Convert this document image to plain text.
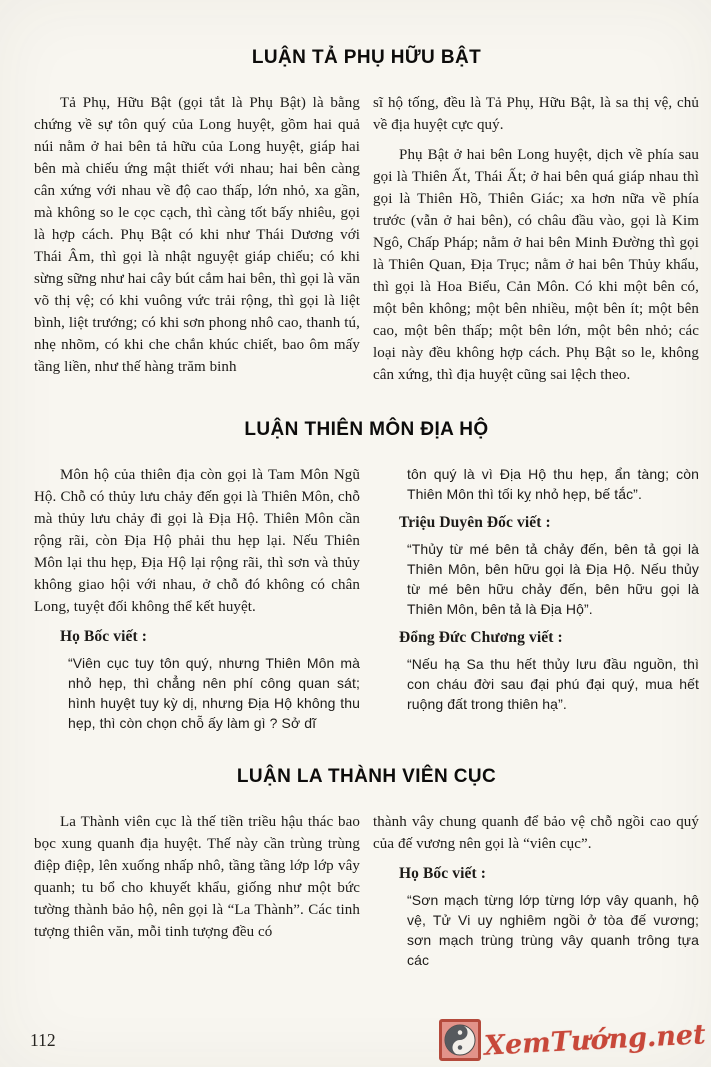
LUẬN TẢ PHỤ HỮU BẬT

Tả Phụ, Hữu Bật (gọi tắt là Phụ Bật) là bằng chứng về sự tôn quý của Long huyệt, gồm hai quả núi nằm ở hai bên tả hữu của Long huyệt, giáp hai bên mà chiếu ứng mật thiết với nhau; hai bên càng cân xứng với nhau về độ cao thấp, lớn nhỏ, xa gần, mà không so le cọc cạch, thì càng tốt bấy nhiêu, gọi là hợp cách. Phụ Bật có khi như Thái Dương với Thái Âm, thì gọi là nhật nguyệt giáp chiếu; có khi sừng sững như hai cây bút cắm hai bên, thì gọi là văn võ thị vệ; có khi vuông vức trải rộng, thì gọi là liệt bình, liệt trướng; có khi sơn phong nhô cao, thanh tú, nhẹ nhõm, có khi che chắn khúc chiết, bao ôm mấy tầng liền, như thế hàng trăm binh

sĩ hộ tống, đều là Tả Phụ, Hữu Bật, là sa thị vệ, chủ về địa huyệt cực quý.

Phụ Bật ở hai bên Long huyệt, dịch về phía sau gọi là Thiên Ất, Thái Ất; ở hai bên quá giáp nhau thì gọi là Thiên Hồ, Thiên Giác; xa hơn nữa về phía trước (vẫn ở hai bên), có châu đầu vào, gọi là Kim Ngô, Chấp Pháp; nằm ở hai bên Minh Đường thì gọi là Thiên Quan, Địa Trục; nằm ở hai bên Thủy khẩu, thì gọi là Hoa Biểu, Cản Môn. Có khi một bên có, một bên không; một bên nhiều, một bên ít; một bên cao, một bên thấp; một bên lớn, một bên nhỏ; các loại này đều không hợp cách. Phụ Bật so le, không cân xứng, thì địa huyệt cũng sai lệch theo.

LUẬN THIÊN MÔN ĐỊA HỘ

Môn hộ của thiên địa còn gọi là Tam Môn Ngũ Hộ. Chỗ có thủy lưu chảy đến gọi là Thiên Môn, chỗ mà thủy lưu chảy đi gọi là Địa Hộ. Thiên Môn cần rộng rãi, còn Địa Hộ phải thu hẹp lại. Nếu Thiên Môn lại thu hẹp, Địa Hộ lại rộng rãi, thì sơn và thủy không giao hội với nhau, ở chỗ đó không có chân Long, tuyệt đối không thể kết huyệt.

Họ Bốc viết :

“Viên cục tuy tôn quý, nhưng Thiên Môn mà nhỏ hẹp, thì chẳng nên phí công quan sát; hình huyệt tuy kỳ dị, nhưng Địa Hộ không thu hẹp, thì còn chọn chỗ ấy làm gì ? Sở dĩ

tôn quý là vì Địa Hộ thu hẹp, ẩn tàng; còn Thiên Môn thì tối kỵ nhỏ hẹp, bế tắc”.

Triệu Duyên Đốc viết :

“Thủy từ mé bên tả chảy đến, bên tả gọi là Thiên Môn, bên hữu gọi là Địa Hộ. Nếu thủy từ mé bên hữu chảy đến, bên hữu gọi là Thiên Môn, bên tả là Địa Hộ”.

Đổng Đức Chương viết :

“Nếu hạ Sa thu hết thủy lưu đầu nguồn, thì con cháu đời sau đại phú đại quý, mua hết ruộng đất trong thiên hạ”.

LUẬN LA THÀNH VIÊN CỤC

La Thành viên cục là thế tiền triều hậu thác bao bọc xung quanh địa huyệt. Thế này cần trùng trùng điệp điệp, lên xuống nhấp nhô, tầng tầng lớp lớp vây quanh; tu bổ cho khuyết khẩu, giống như một bức tường thành bảo hộ, nên gọi là “La Thành”. Các tinh tượng thiên văn, mỗi tinh tượng đều có

thành vây chung quanh để bảo vệ chỗ ngồi cao quý của đế vương nên gọi là “viên cục”.

Họ Bốc viết :

“Sơn mạch từng lớp từng lớp vây quanh, hộ vệ, Tử Vi uy nghiêm ngồi ở tòa đế vương; sơn mạch trùng trùng vây quanh trông tựa các

112	XemTướng.net
